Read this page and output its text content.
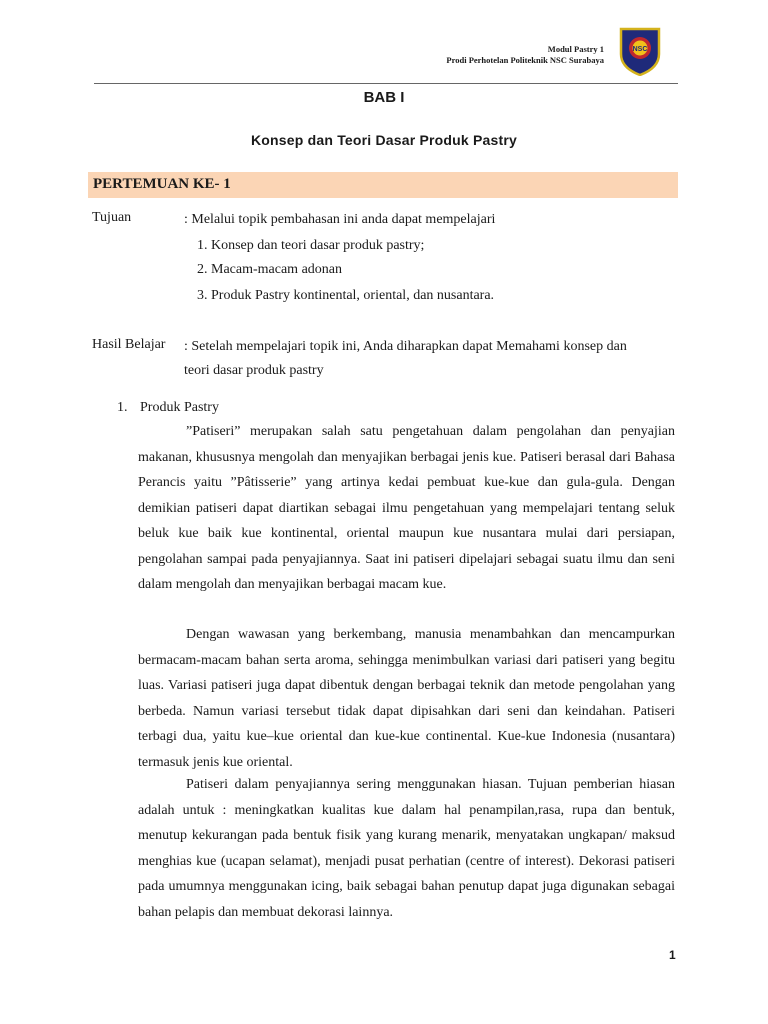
Modul Pastry 1
Prodi Perhotelan Politeknik NSC Surabaya
NSC
BAB I
Konsep dan Teori Dasar Produk Pastry
PERTEMUAN KE- 1
Tujuan	: Melalui topik pembahasan ini anda dapat mempelajari
1. Konsep dan teori dasar produk pastry;
2. Macam-macam adonan
3. Produk Pastry kontinental, oriental, dan nusantara.
Hasil Belajar : Setelah mempelajari topik ini, Anda diharapkan dapat Memahami konsep dan
teori dasar produk pastry
1. Produk Pastry

”Patiseri” merupakan salah satu pengetahuan dalam pengolahan dan penyajian makanan, khususnya mengolah dan menyajikan berbagai jenis kue. Patiseri berasal dari Bahasa Perancis yaitu ”Pâtisserie” yang artinya kedai pembuat kue-kue dan gula-gula. Dengan demikian patiseri dapat diartikan sebagai ilmu pengetahuan yang mempelajari tentang seluk beluk kue baik kue kontinental, oriental maupun kue nusantara mulai dari persiapan, pengolahan sampai pada penyajiannya. Saat ini patiseri dipelajari sebagai suatu ilmu dan seni dalam mengolah dan menyajikan berbagai macam kue.

Dengan wawasan yang berkembang, manusia menambahkan dan mencampurkan bermacam-macam bahan serta aroma, sehingga menimbulkan variasi dari patiseri yang begitu luas. Variasi patiseri juga dapat dibentuk dengan berbagai teknik dan metode pengolahan yang berbeda. Namun variasi tersebut tidak dapat dipisahkan dari seni dan keindahan. Patiseri terbagi dua, yaitu kue–kue oriental dan kue-kue continental. Kue-kue Indonesia (nusantara) termasuk jenis kue oriental.

Patiseri dalam penyajiannya sering menggunakan hiasan. Tujuan pemberian hiasan adalah untuk : meningkatkan kualitas kue dalam hal penampilan,rasa, rupa dan bentuk, menutup kekurangan pada bentuk fisik yang kurang menarik, menyatakan ungkapan/ maksud menghias kue (ucapan selamat), menjadi pusat perhatian (centre of interest). Dekorasi patiseri pada umumnya menggunakan icing, baik sebagai bahan penutup dapat juga digunakan sebagai bahan pelapis dan membuat dekorasi lainnya.

1
